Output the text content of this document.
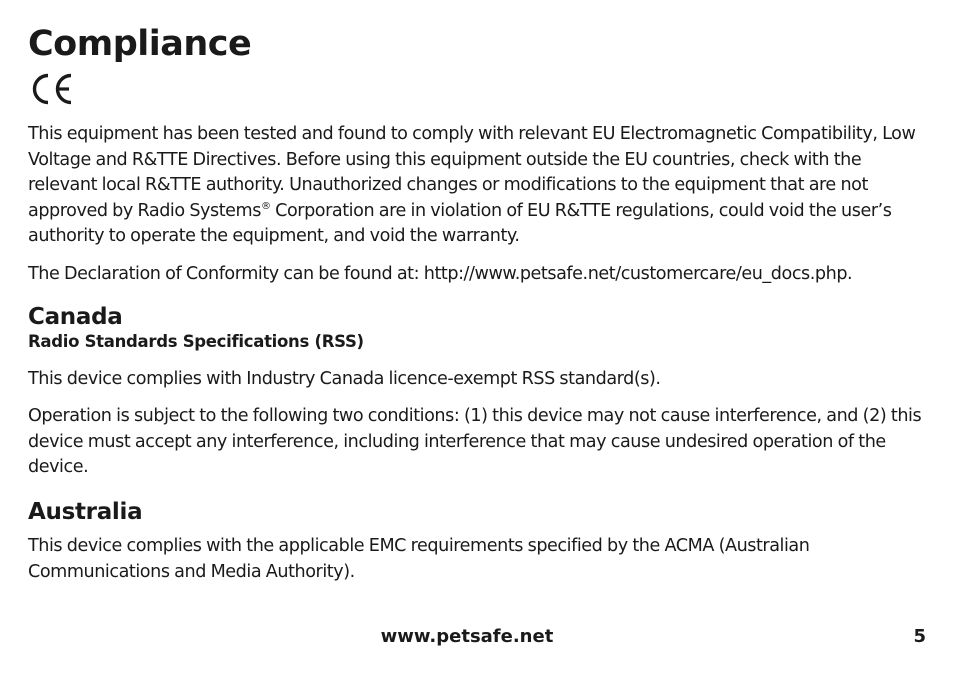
Compliance

This equipment has been tested and found to comply with relevant EU Electromagnetic Compatibility, Low Voltage and R&TTE Directives. Before using this equipment outside the EU countries, check with the relevant local R&TTE authority. Unauthorized changes or modifications to the equipment that are not approved by Radio Systems® Corporation are in violation of EU R&TTE regulations, could void the user’s authority to operate the equipment, and void the warranty.

The Declaration of Conformity can be found at: http://www.petsafe.net/customercare/eu_docs.php.

Canada
Radio Standards Specifications (RSS)

This device complies with Industry Canada licence-exempt RSS standard(s).

Operation is subject to the following two conditions: (1) this device may not cause interference, and (2) this device must accept any interference, including interference that may cause undesired operation of the device.

Australia

This device complies with the applicable EMC requirements specified by the ACMA (Australian Communications and Media Authority).

www.petsafe.net	5
